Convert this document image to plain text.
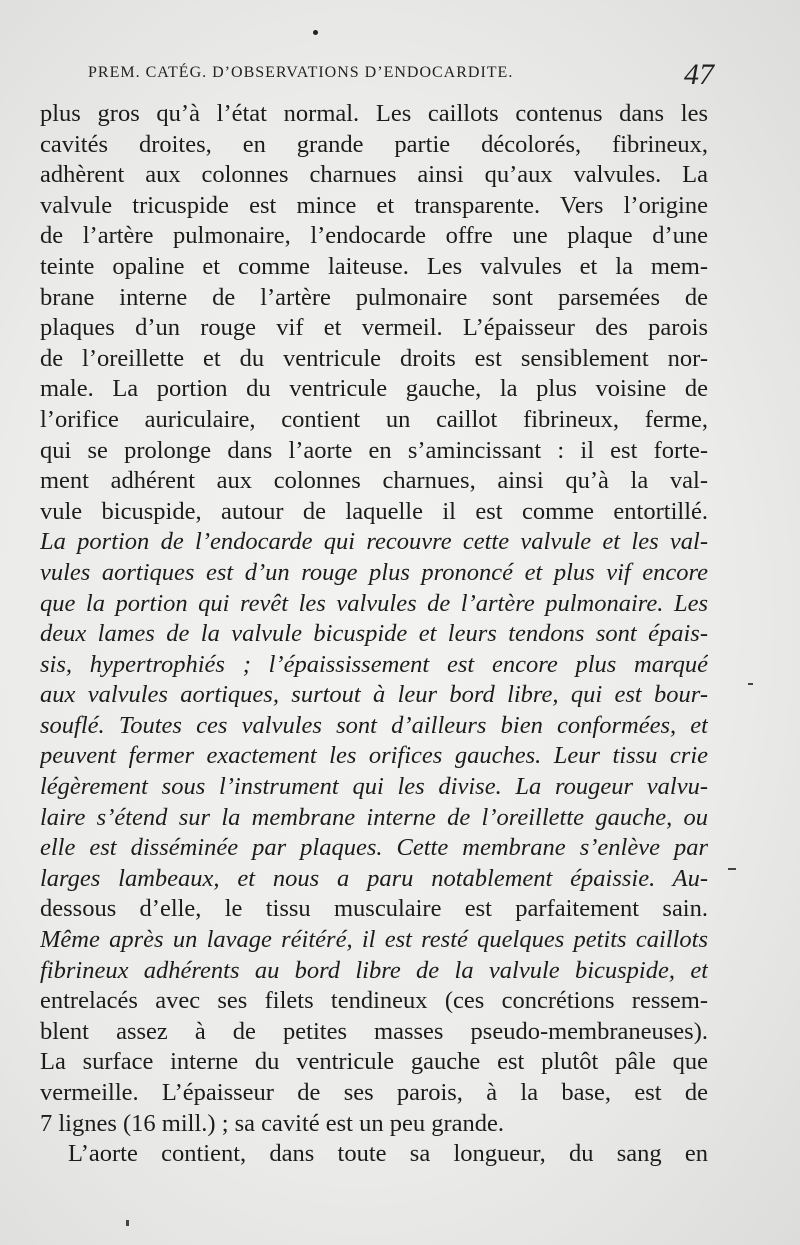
PREM. CATÉG. D’OBSERVATIONS D’ENDOCARDITE.	47
plus gros qu’à l’état normal. Les caillots contenus dans les
cavités droites, en grande partie décolorés, fibrineux,
adhèrent aux colonnes charnues ainsi qu’aux valvules. La
valvule tricuspide est mince et transparente. Vers l’origine
de l’artère pulmonaire, l’endocarde offre une plaque d’une
teinte opaline et comme laiteuse. Les valvules et la mem-
brane interne de l’artère pulmonaire sont parsemées de
plaques d’un rouge vif et vermeil. L’épaisseur des parois
de l’oreillette et du ventricule droits est sensiblement nor-
male. La portion du ventricule gauche, la plus voisine de
l’orifice auriculaire, contient un caillot fibrineux, ferme,
qui se prolonge dans l’aorte en s’amincissant : il est forte-
ment adhérent aux colonnes charnues, ainsi qu’à la val-
vule bicuspide, autour de laquelle il est comme entortillé.
La portion de l’endocarde qui recouvre cette valvule et les val-
vules aortiques est d’un rouge plus prononcé et plus vif encore
que la portion qui revêt les valvules de l’artère pulmonaire. Les
deux lames de la valvule bicuspide et leurs tendons sont épais-
sis, hypertrophiés ; l’épaississement est encore plus marqué
aux valvules aortiques, surtout à leur bord libre, qui est bour-
souflé. Toutes ces valvules sont d’ailleurs bien conformées, et
peuvent fermer exactement les orifices gauches. Leur tissu crie
légèrement sous l’instrument qui les divise. La rougeur valvu-
laire s’étend sur la membrane interne de l’oreillette gauche, ou
elle est disséminée par plaques. Cette membrane s’enlève par
larges lambeaux, et nous a paru notablement épaissie. Au-
dessous d’elle, le tissu musculaire est parfaitement sain.
Même après un lavage réitéré, il est resté quelques petits caillots
fibrineux adhérents au bord libre de la valvule bicuspide, et
entrelacés avec ses filets tendineux (ces concrétions ressem-
blent assez à de petites masses pseudo-membraneuses).
La surface interne du ventricule gauche est plutôt pâle que
vermeille. L’épaisseur de ses parois, à la base, est de
7 lignes (16 mill.) ; sa cavité est un peu grande.
L’aorte contient, dans toute sa longueur, du sang en
